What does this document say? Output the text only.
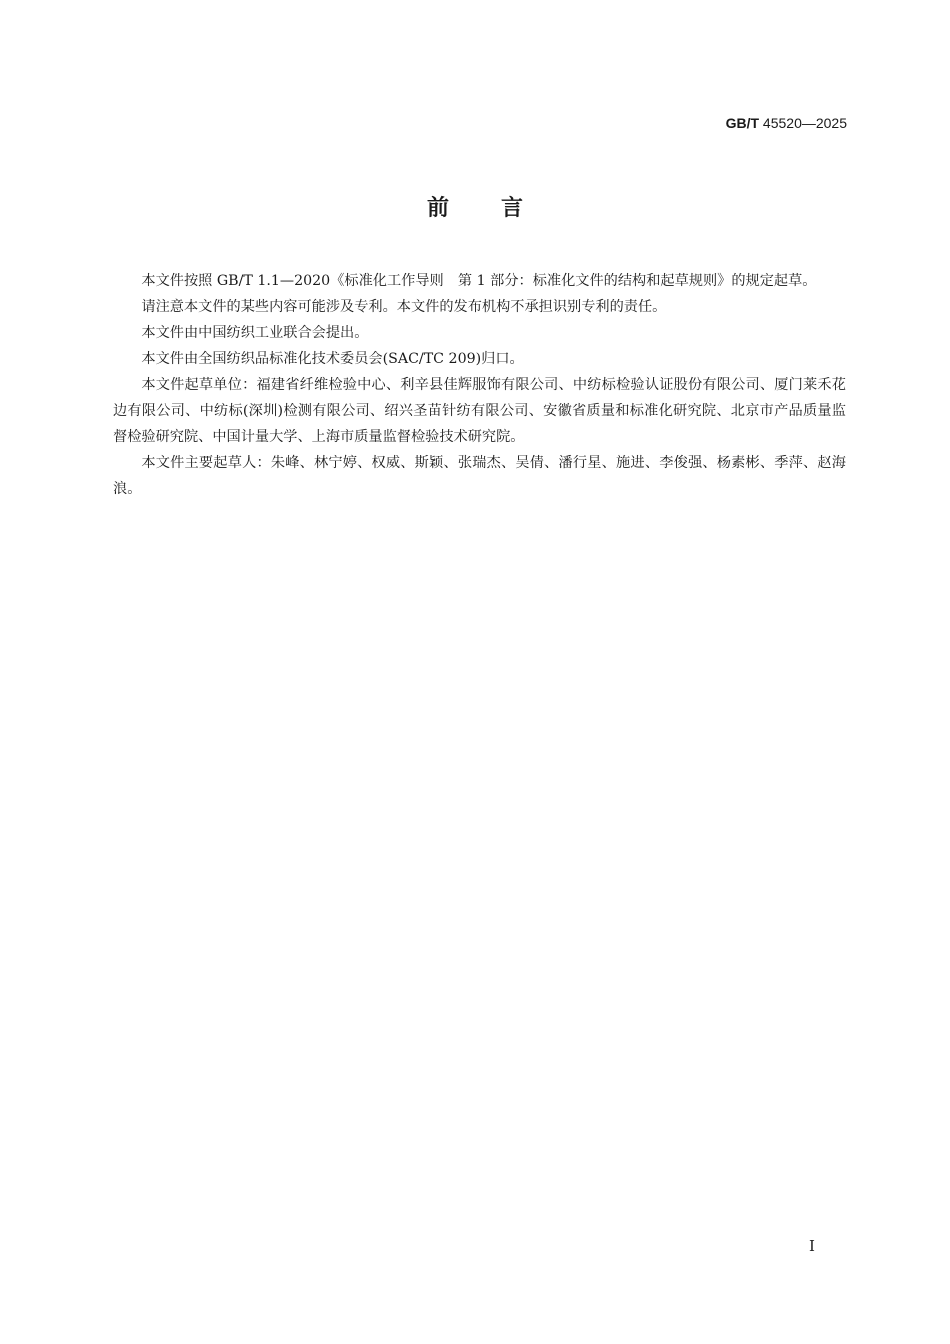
GB/T 45520—2025
前言

本文件按照 GB/T 1.1—2020《标准化工作导则　第 1 部分：标准化文件的结构和起草规则》的规定起草。

请注意本文件的某些内容可能涉及专利。本文件的发布机构不承担识别专利的责任。

本文件由中国纺织工业联合会提出。

本文件由全国纺织品标准化技术委员会(SAC/TC 209)归口。

本文件起草单位：福建省纤维检验中心、利辛县佳辉服饰有限公司、中纺标检验认证股份有限公司、厦门莱禾花边有限公司、中纺标(深圳)检测有限公司、绍兴圣苗针纺有限公司、安徽省质量和标准化研究院、北京市产品质量监督检验研究院、中国计量大学、上海市质量监督检验技术研究院。

本文件主要起草人：朱峰、林宁婷、权威、斯颖、张瑞杰、吴倩、潘行星、施进、李俊强、杨素彬、季萍、赵海浪。

I
